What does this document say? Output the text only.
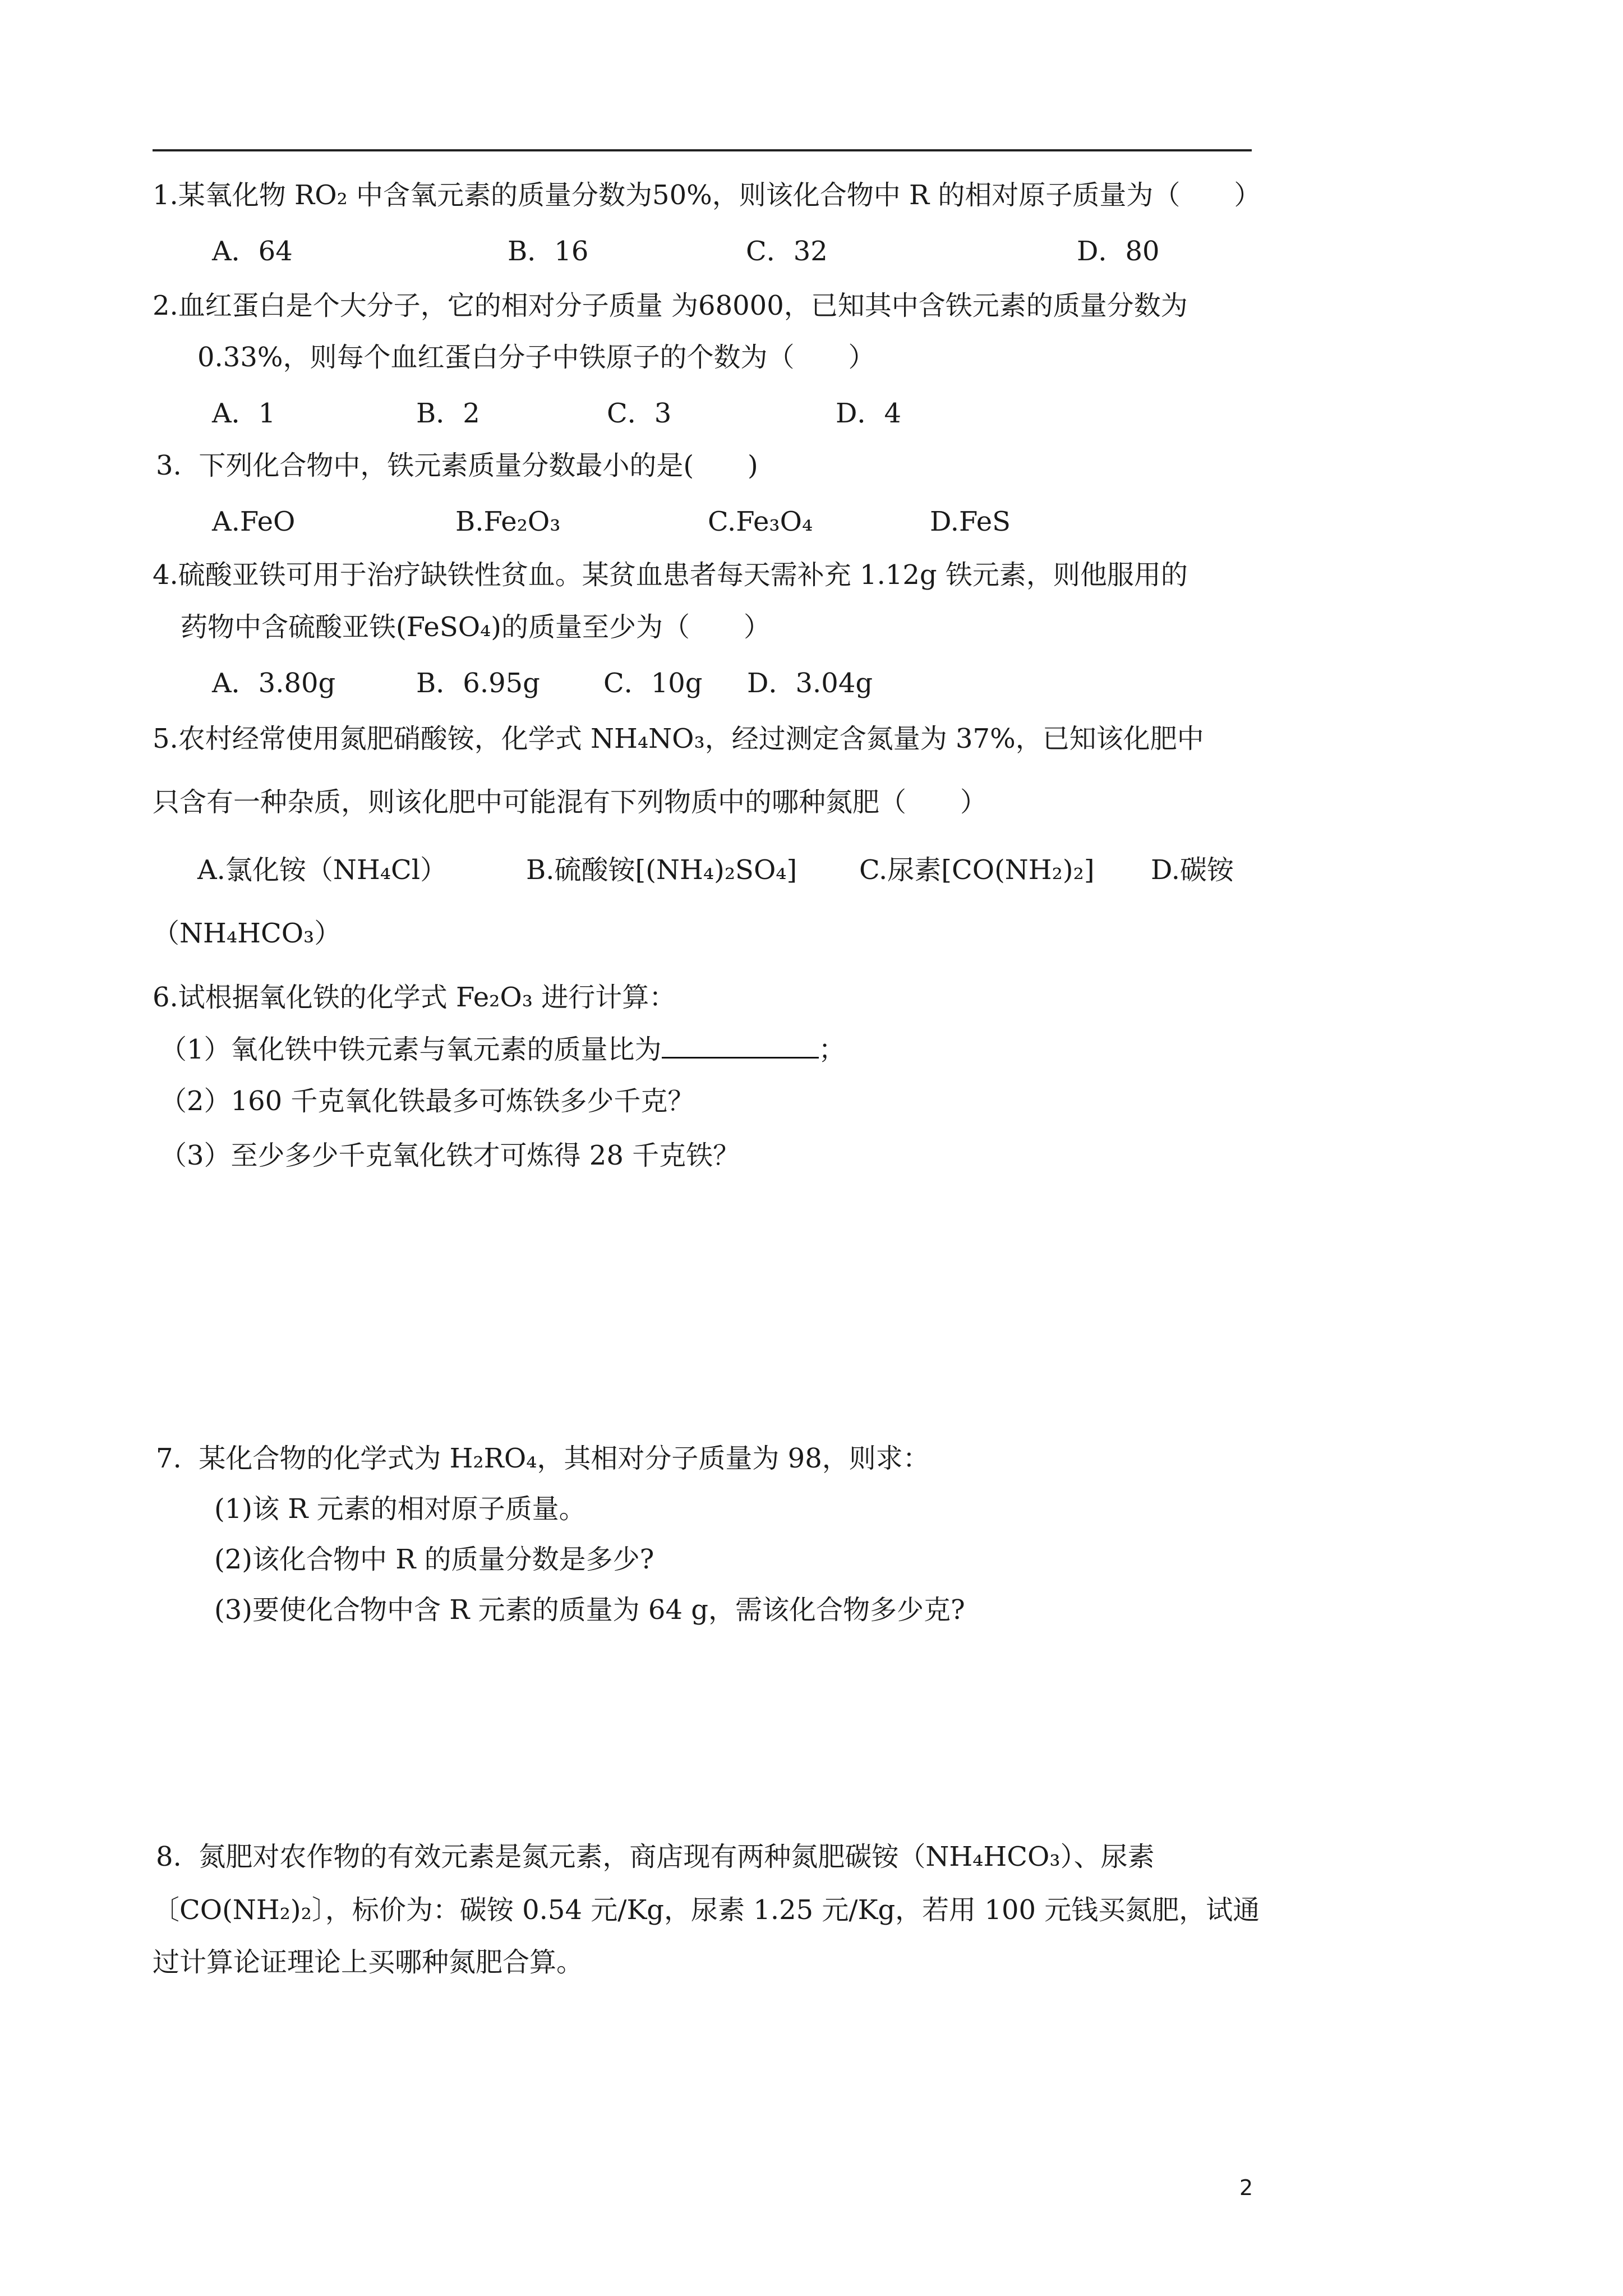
1.某氧化物 RO₂ 中含氧元素的质量分数为50%，则该化合物中 R 的相对原子质量为（　　）
A．64	B．16	C．32	D．80
2.血红蛋白是个大分子，它的相对分子质量 为68000，已知其中含铁元素的质量分数为
0.33%，则每个血红蛋白分子中铁原子的个数为（　　）
A．1	B．2	C．3	D．4
3.  下列化合物中，铁元素质量分数最小的是(　　)
A.FeO	B.Fe₂O₃	C.Fe₃O₄	D.FeS
4.硫酸亚铁可用于治疗缺铁性贫血。某贫血患者每天需补充 1.12g 铁元素，则他服用的
药物中含硫酸亚铁(FeSO₄)的质量至少为（　　）
A．3.80g	B．6.95g C．10g D．3.04g
5.农村经常使用氮肥硝酸铵，化学式 NH₄NO₃，经过测定含氮量为 37%，已知该化肥中
只含有一种杂质，则该化肥中可能混有下列物质中的哪种氮肥（　　）
A.氯化铵（NH₄Cl）	B.硫酸铵[(NH₄)₂SO₄] C.尿素[CO(NH₂)₂] D.碳铵
（NH₄HCO₃）
6.试根据氧化铁的化学式 Fe₂O₃ 进行计算：
（1）氧化铁中铁元素与氧元素的质量比为	；
（2）160 千克氧化铁最多可炼铁多少千克？
（3）至少多少千克氧化铁才可炼得 28 千克铁？
7.  某化合物的化学式为 H₂RO₄，其相对分子质量为 98，则求：
(1)该 R 元素的相对原子质量。
(2)该化合物中 R 的质量分数是多少?
(3)要使化合物中含 R 元素的质量为 64 g，需该化合物多少克?
8.  氮肥对农作物的有效元素是氮元素，商店现有两种氮肥碳铵（NH₄HCO₃）、尿素
〔CO(NH₂)₂〕，标价为：碳铵 0.54 元/Kg，尿素 1.25 元/Kg，若用 100 元钱买氮肥，试通
过计算论证理论上买哪种氮肥合算。
2
